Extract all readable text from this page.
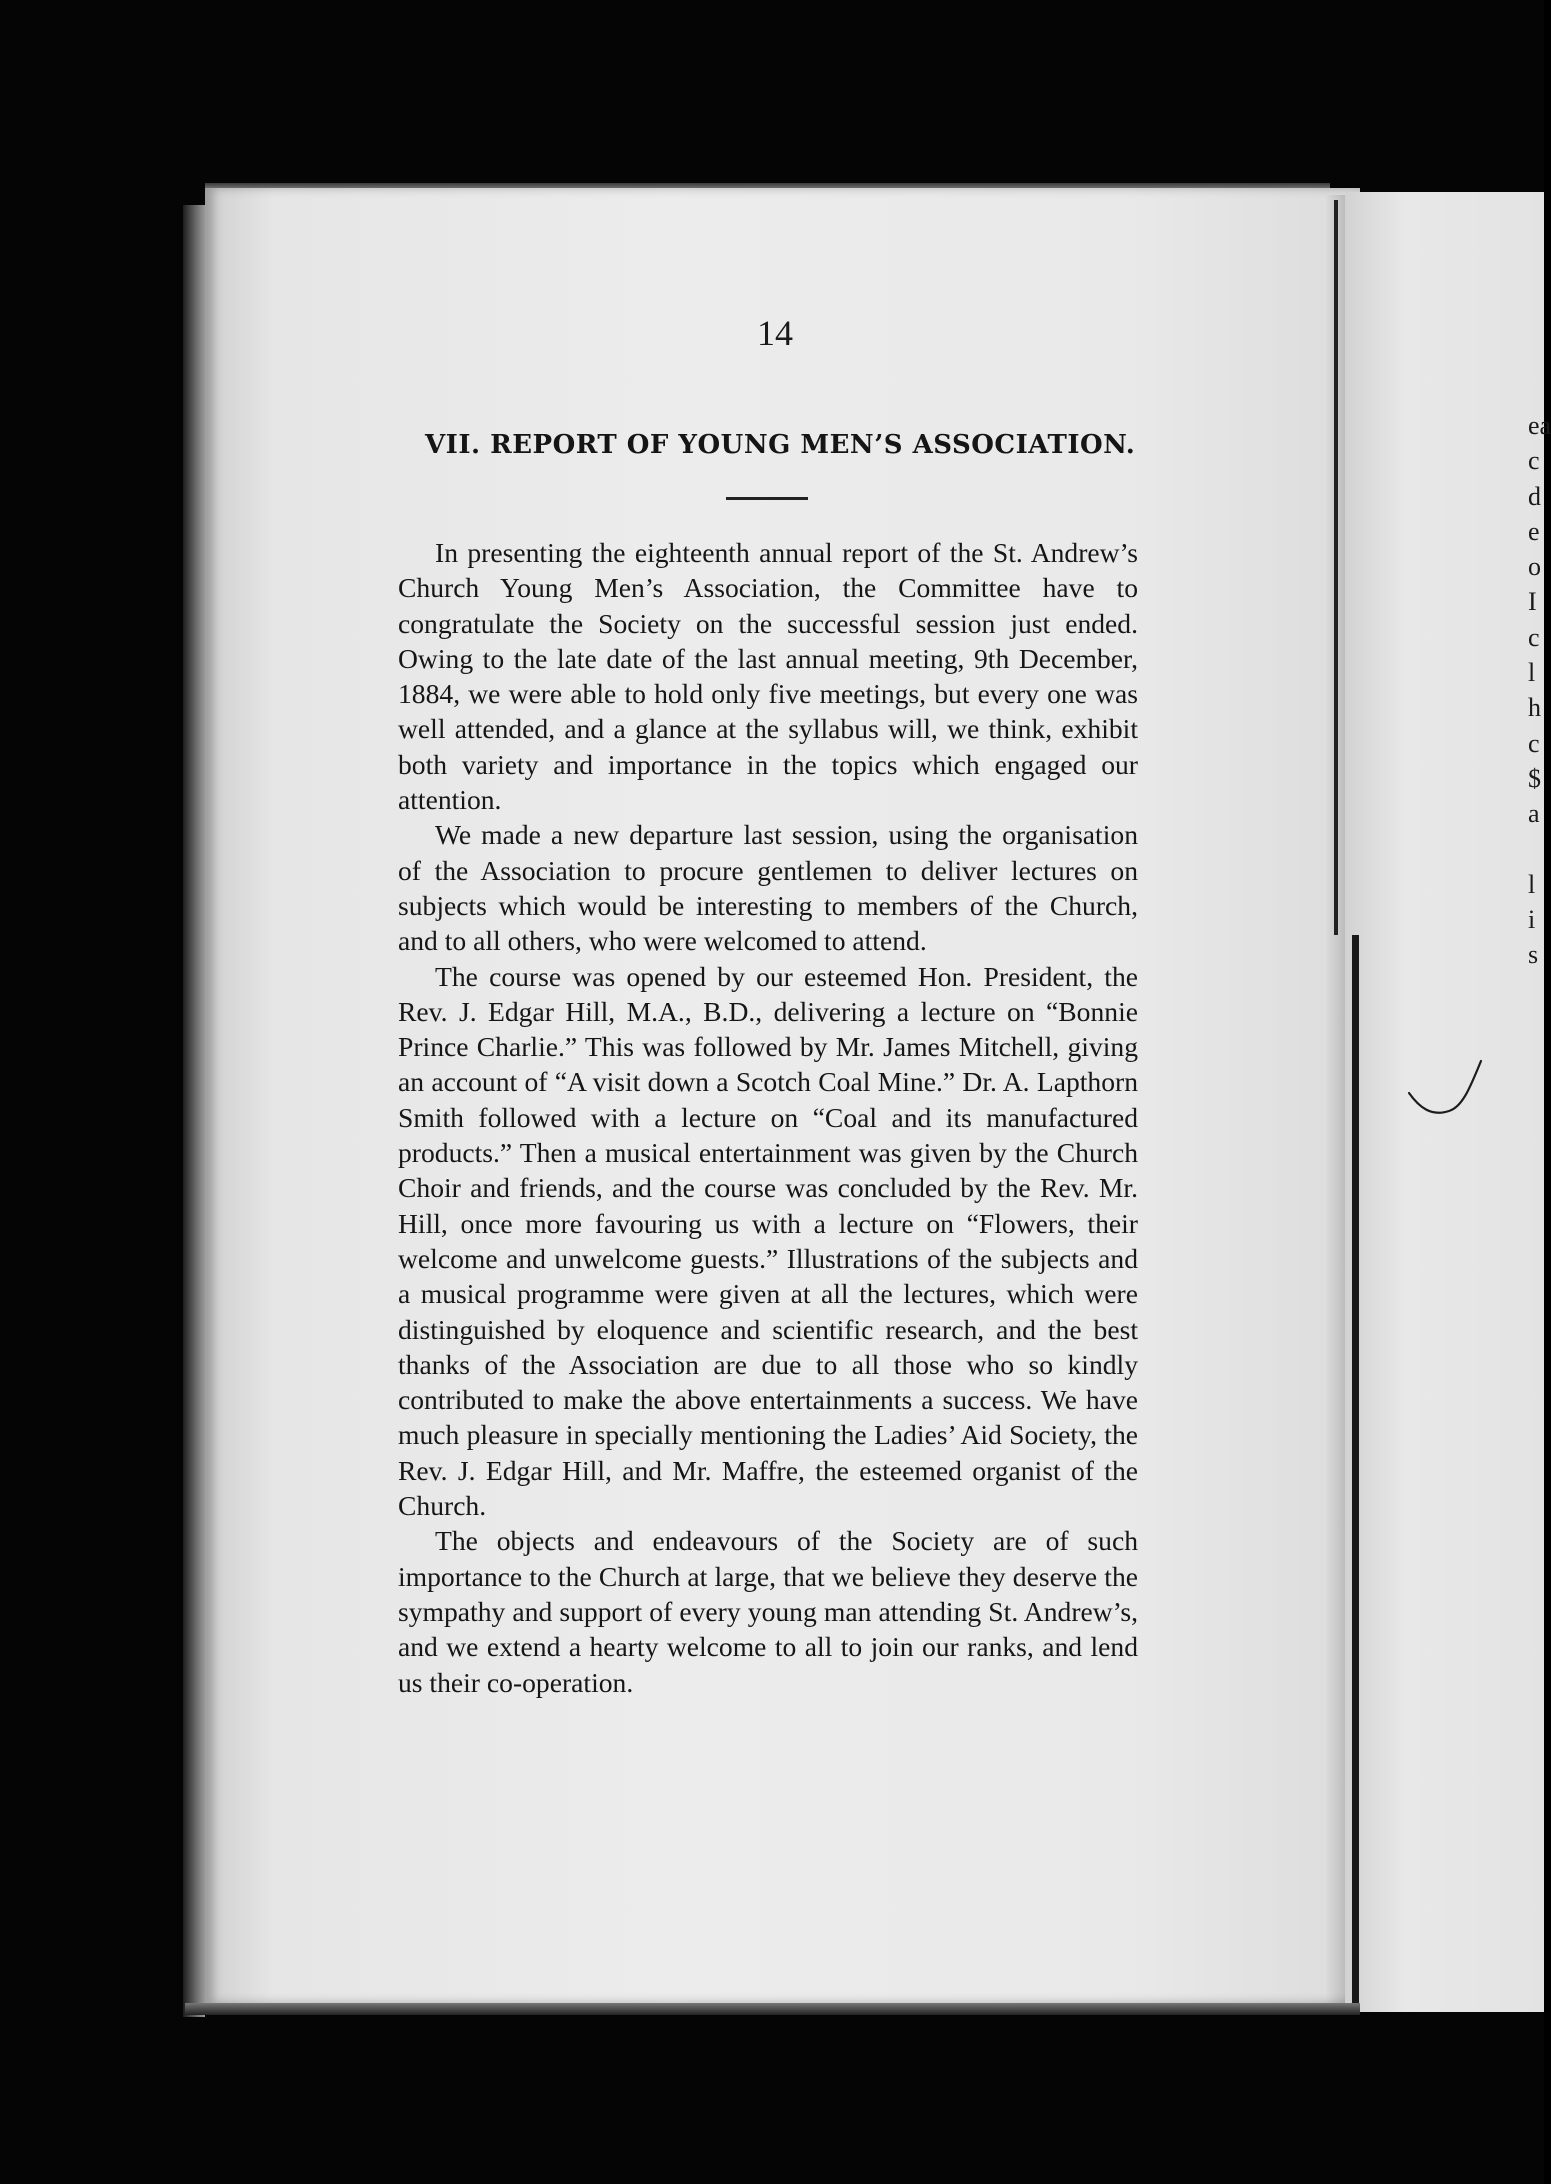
14
VII. REPORT OF YOUNG MEN’S ASSOCIATION.

In presenting the eighteenth annual report of the St. Andrew’s Church Young Men’s Association, the Committee have to congratulate the Society on the successful session just ended. Owing to the late date of the last annual meeting, 9th December, 1884, we were able to hold only five meetings, but every one was well attended, and a glance at the syllabus will, we think, exhibit both variety and importance in the topics which engaged our attention.

We made a new departure last session, using the organisation of the Association to procure gentlemen to deliver lectures on subjects which would be interesting to members of the Church, and to all others, who were welcomed to attend.

The course was opened by our esteemed Hon. President, the Rev. J. Edgar Hill, M.A., B.D., delivering a lecture on “Bonnie Prince Charlie.” This was followed by Mr. James Mitchell, giving an account of “A visit down a Scotch Coal Mine.” Dr. A. Lapthorn Smith followed with a lecture on “Coal and its manufactured products.” Then a musical entertainment was given by the Church Choir and friends, and the course was concluded by the Rev. Mr. Hill, once more favouring us with a lecture on “Flowers, their welcome and unwelcome guests.” Illustrations of the subjects and a musical programme were given at all the lectures, which were distinguished by eloquence and scientific research, and the best thanks of the Association are due to all those who so kindly contributed to make the above entertainments a success. We have much pleasure in specially mentioning the Ladies’ Aid Society, the Rev. J. Edgar Hill, and Mr. Maffre, the esteemed organist of the Church.

The objects and endeavours of the Society are of such importance to the Church at large, that we believe they deserve the sympathy and support of every young man attending St. Andrew’s, and we extend a hearty welcome to all to join our ranks, and lend us their co-operation.

ea
c
d
e
o
I
c
l
h
c
$
a
l
i
s
